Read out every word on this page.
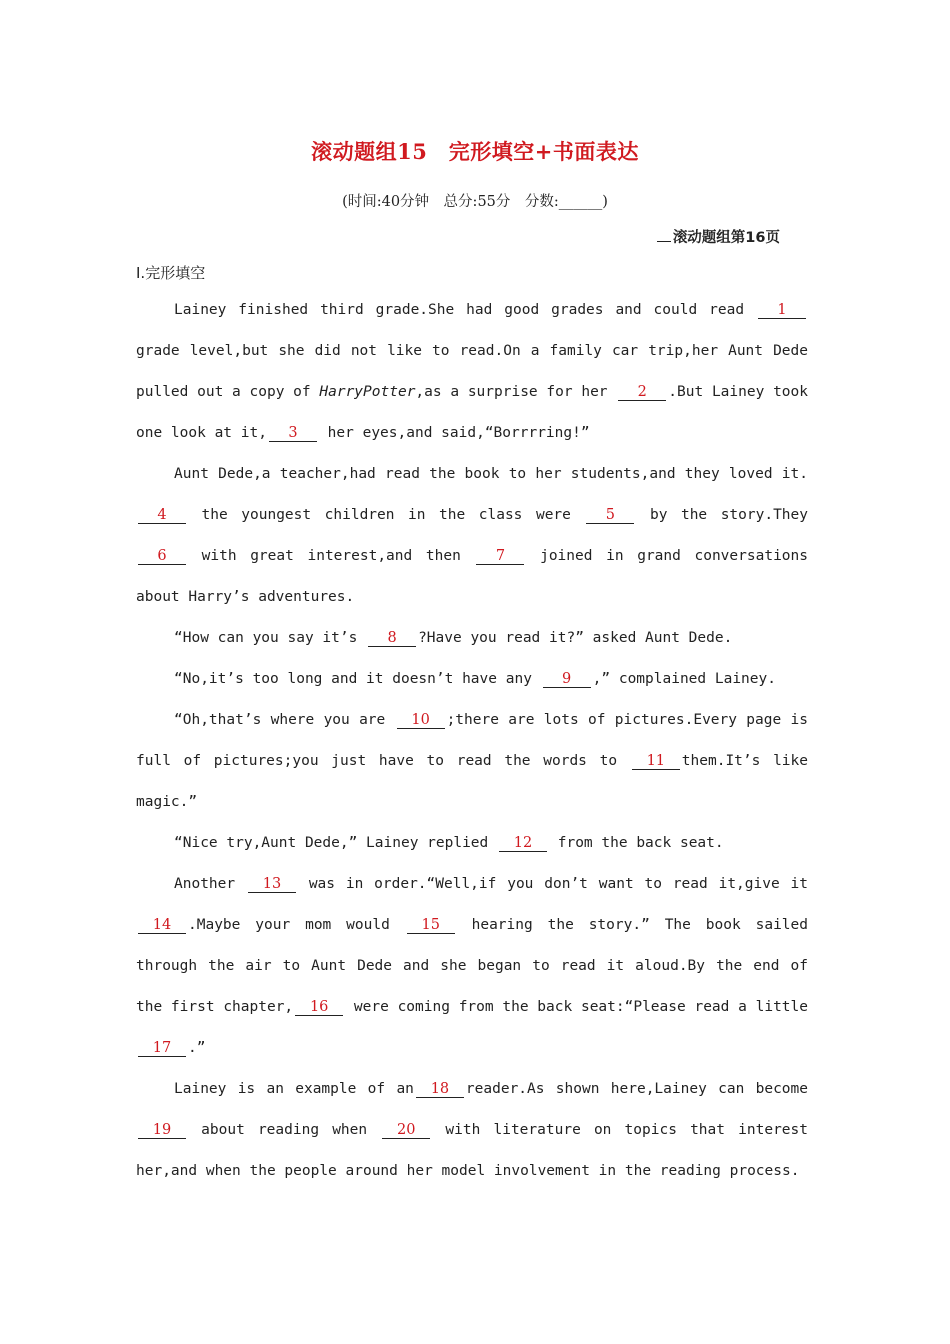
滚动题组15　完形填空+书面表达
(时间:40分钟　总分:55分　分数:______)
滚动题组第16页
Ⅰ.完形填空

Lainey finished third grade.She had good grades and could read 1 grade level,but she did not like to read.On a family car trip,her Aunt Dede pulled out a copy of HarryPotter,as a surprise for her 2 .But Lainey took one look at it, 3 her eyes,and said,“Borrrring!”

Aunt Dede,a teacher,had read the book to her students,and they loved it.4 the youngest children in the class were 5 by the story.They 6 with great interest,and then 7 joined in grand conversations about Harry’s adventures.

“How can you say it’s 8 ?Have you read it?” asked Aunt Dede.

“No,it’s too long and it doesn’t have any 9 ,” complained Lainey.

“Oh,that’s where you are 10 ;there are lots of pictures.Every page is full of pictures;you just have to read the words to 11 them.It’s like magic.”

“Nice try,Aunt Dede,” Lainey replied 12 from the back seat.

Another 13 was in order.“Well,if you don’t want to read it,give it14 .Maybe your mom would 15 hearing the story.” The book sailed through the air to Aunt Dede and she began to read it aloud.By the end of the first chapter, 16 were coming from the back seat:“Please read a little17 .”

Lainey is an example of an 18 reader.As shown here,Lainey can become 19 about reading when 20 with literature on topics that interest her,and when the people around her model involvement in the reading process.
